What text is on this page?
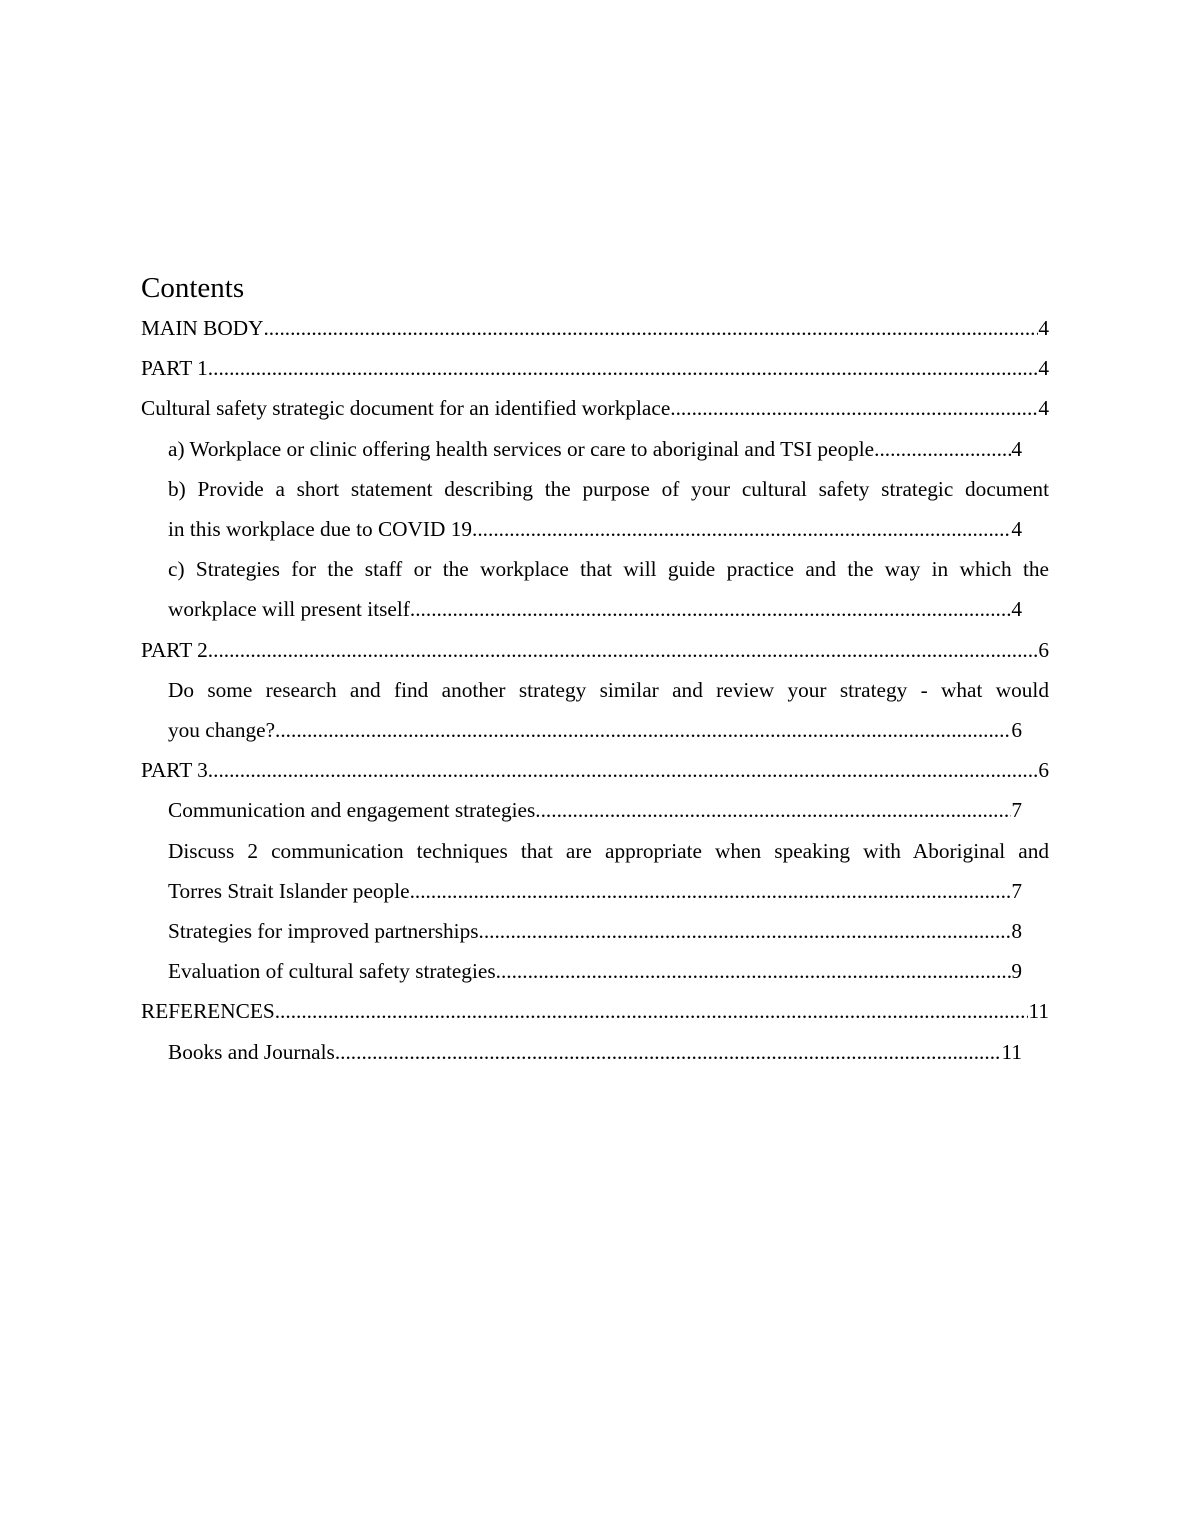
Contents
MAIN BODY .....	4
PART 1 .....	4
Cultural safety strategic document for an identified workplace .....	4
a) Workplace or clinic offering health services or care to aboriginal and TSI people .....	4
b) Provide a short statement describing the purpose of your cultural safety strategic document
in this workplace due to COVID 19 .....	4
c) Strategies for the staff or the workplace that will guide practice and the way in which the
workplace will present itself .....	4
PART 2 .....	6
Do some research and find another strategy similar and review your strategy - what would
you change? .....	6
PART 3 .....	6
Communication and engagement strategies .....	7
Discuss 2 communication techniques that are appropriate when speaking with Aboriginal and
Torres Strait Islander people .....	7
Strategies for improved partnerships .....	8
Evaluation of cultural safety strategies .....	9
REFERENCES .....	11
Books and Journals .....	11
